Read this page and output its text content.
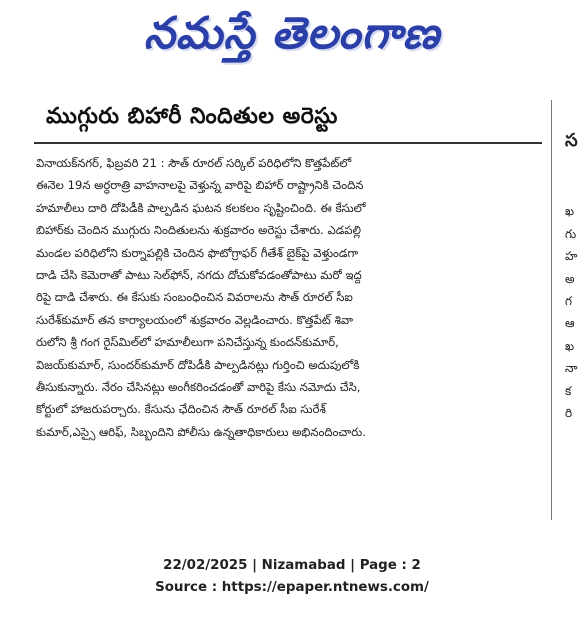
నమస్తే తెలంగాణ
ముగ్గురు బిహారీ నిందితుల అరెస్టు
వినాయక్‌నగర్, ఫిబ్రవరి 21 : సౌత్ రూరల్ సర్కిల్ పరిధిలోని కొత్తపేట్‌లో
ఈనెల 19న అర్ధరాత్రి వాహనాలపై వెళ్తున్న వారిపై బిహార్ రాష్ట్రానికి చెందిన
హమాలీలు దారి దోపిడీకి పాల్పడిన ఘటన కలకలం సృష్టించింది. ఈ కేసులో
బిహార్‌కు చెందిన ముగ్గురు నిందితులను శుక్రవారం అరెస్టు చేశారు. ఎడపల్లి
మండల పరిధిలోని కుర్నాపల్లికి చెందిన ఫొటోగ్రాఫర్ గీతేశ్ బైక్‌పై వెళ్తుండగా
దాడి చేసి కెమెరాతో పాటు సెల్‌ఫోన్, నగదు దోచుకోవడంతోపాటు మరో ఇద్ద
రిపై దాడి చేశారు. ఈ కేసుకు సంబంధించిన వివరాలను సౌత్ రూరల్ సీఐ
సురేశ్‌కుమార్ తన కార్యాలయంలో శుక్రవారం వెల్లడించారు. కొత్తపేట్ శివా
రులోని శ్రీ గంగ రైస్‌మిల్‌లో హమాలీలుగా పనిచేస్తున్న కుందన్‌కుమార్,
విజయ్‌కుమార్, సుందర్‌కుమార్ దోపిడీకి పాల్పడినట్లు గుర్తించి అదుపులోకి
తీసుకున్నారు. నేరం చేసినట్లు అంగీకరించడంతో వారిపై కేసు నమోదు చేసి,
కోర్టులో హాజరుపర్చారు. కేసును ఛేదించిన సౌత్ రూరల్ సీఐ సురేశ్
కుమార్,ఎస్సై ఆరిఫ్, సిబ్బందిని పోలీసు ఉన్నతాధికారులు అభినందించారు.
స
ఖ
గు
హ
అ
గ
ఆ
ఖ
నా
క
రి
22/02/2025 | Nizamabad | Page : 2
Source : https://epaper.ntnews.com/
